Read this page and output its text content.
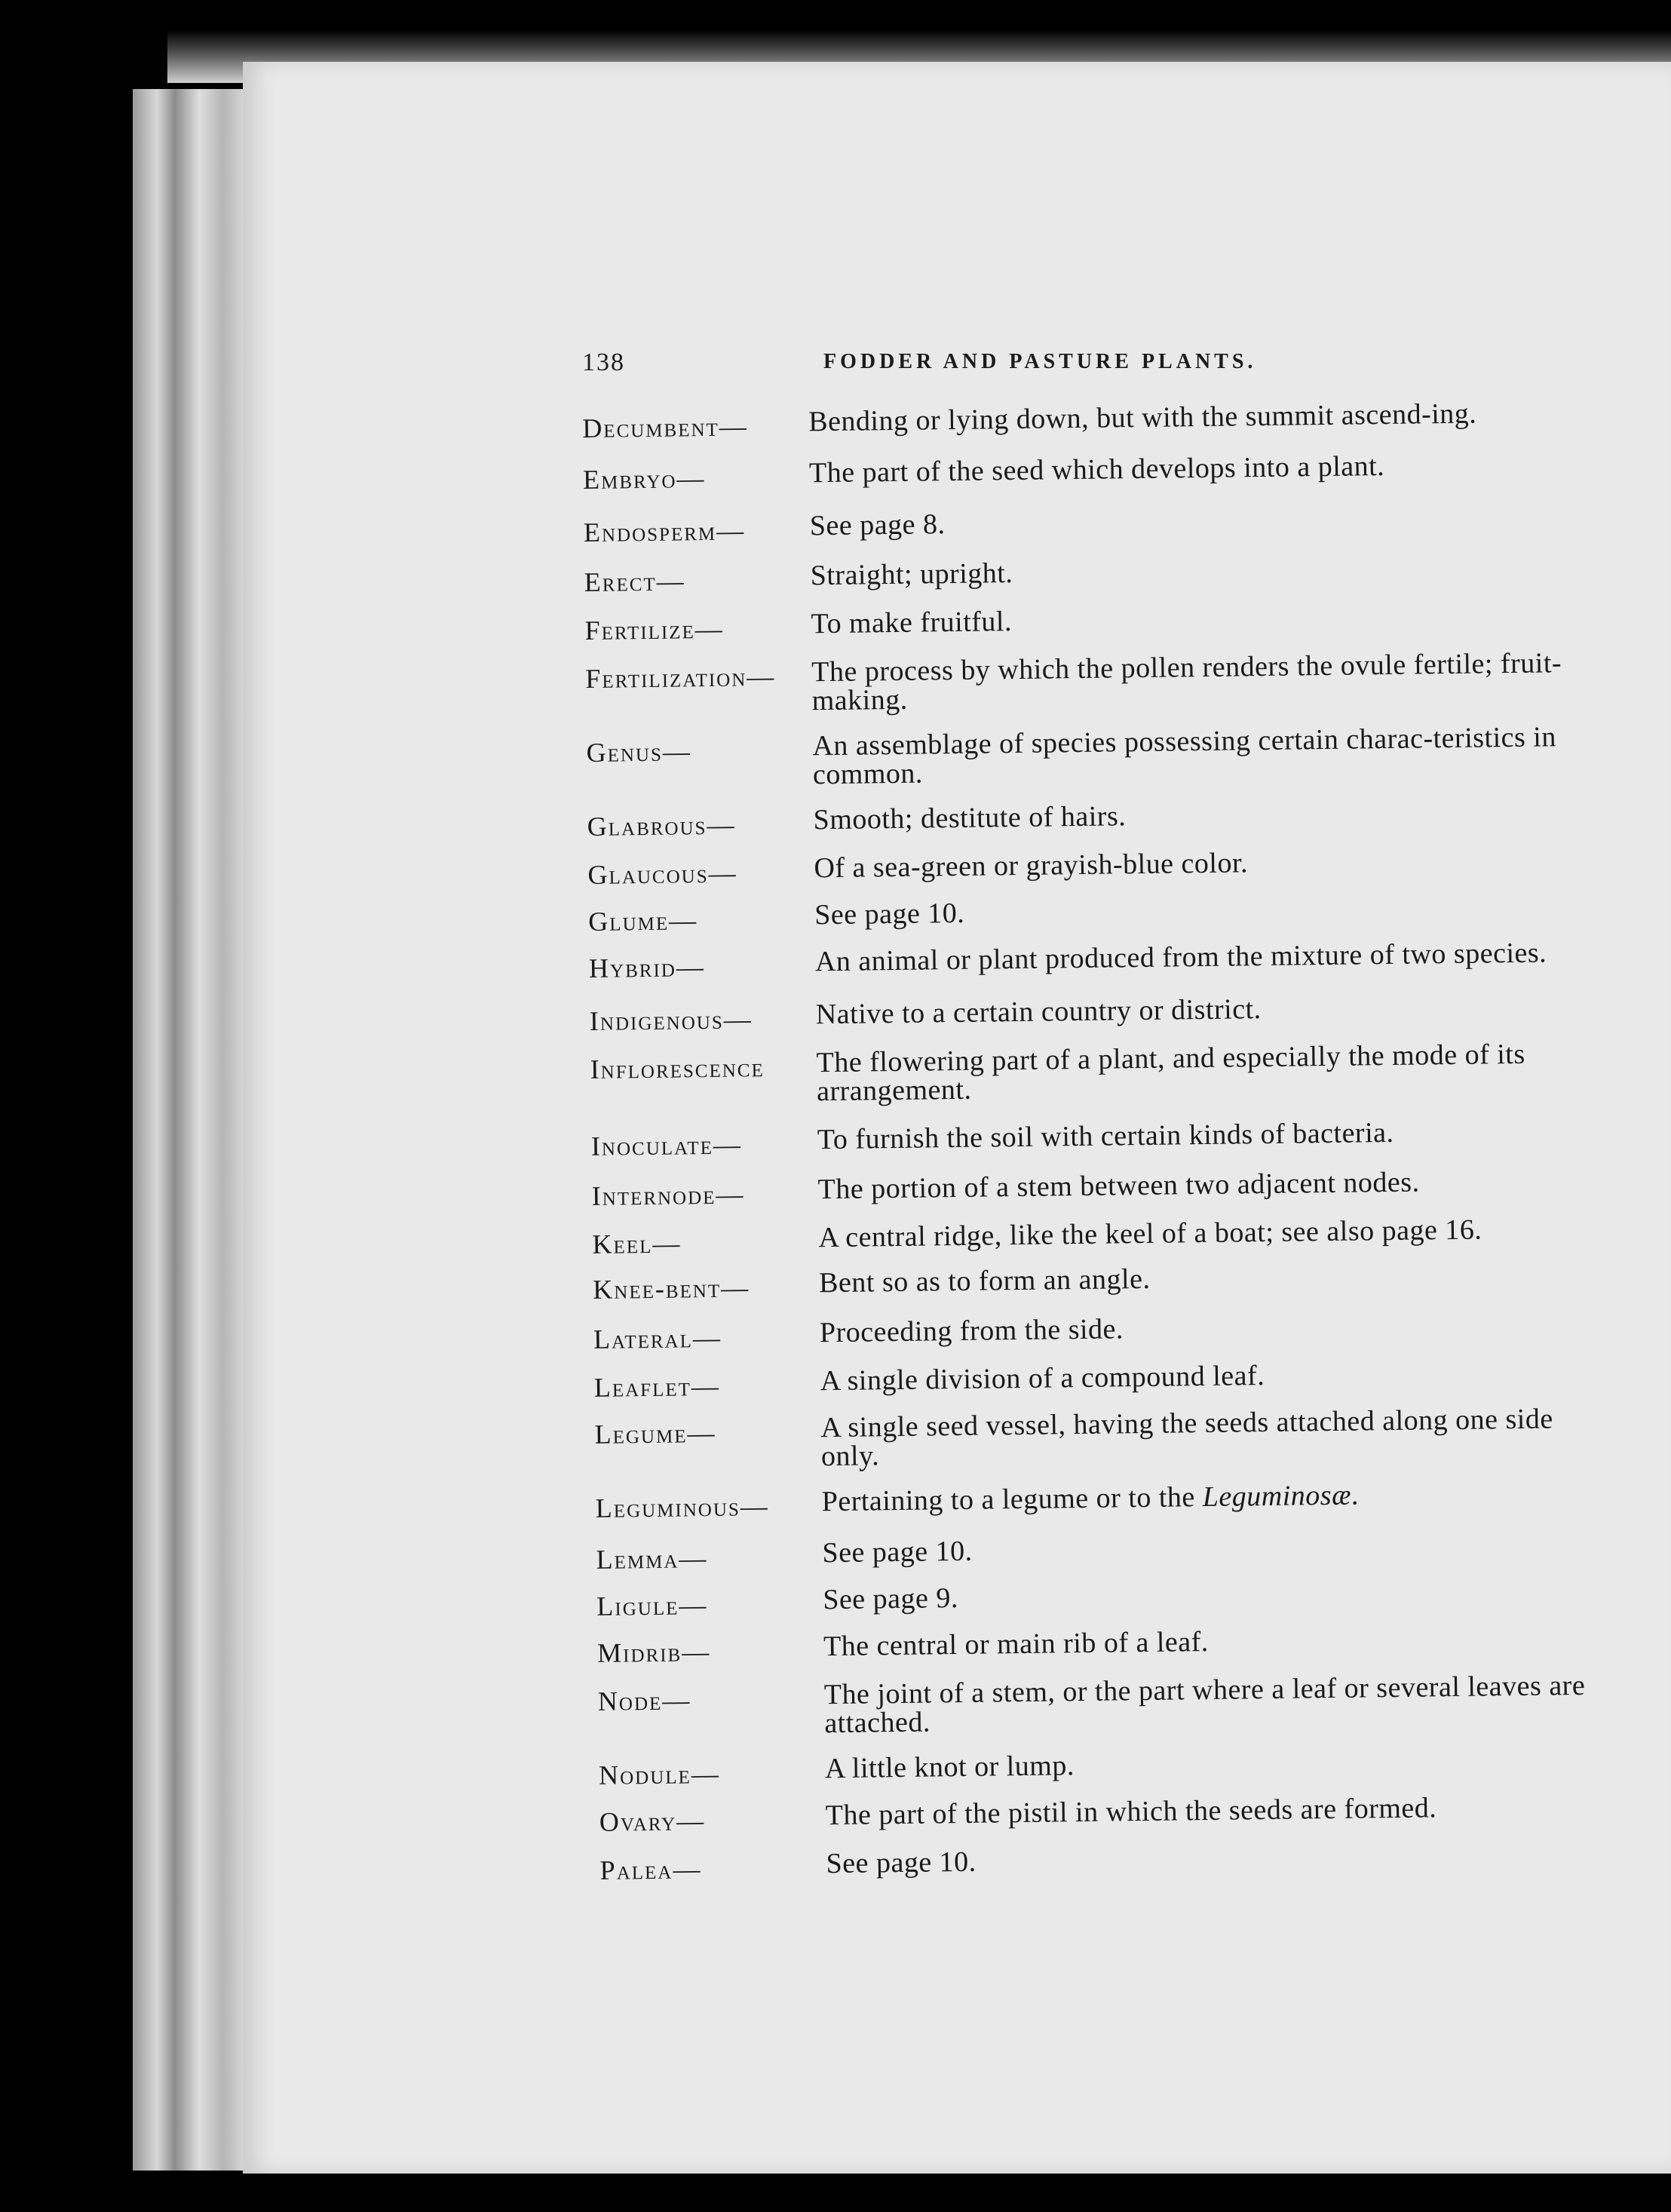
138	FODDER AND PASTURE PLANTS.
Decumbent—	Bending or lying down, but with the summit ascend-ing.
Embryo—	The part of the seed which develops into a plant.
Endosperm—	See page 8.
Erect—	Straight; upright.
Fertilize—	To make fruitful.
Fertilization—	The process by which the pollen renders the ovule fertile; fruit-making.
Genus—	An assemblage of species possessing certain charac-teristics in common.
Glabrous—	Smooth; destitute of hairs.
Glaucous—	Of a sea-green or grayish-blue color.
Glume—	See page 10.
Hybrid—	An animal or plant produced from the mixture of two species.
Indigenous—	Native to a certain country or district.
Inflorescence	The flowering part of a plant, and especially the mode of its arrangement.
Inoculate—	To furnish the soil with certain kinds of bacteria.
Internode—	The portion of a stem between two adjacent nodes.
Keel—	A central ridge, like the keel of a boat; see also page 16.
Knee-bent—	Bent so as to form an angle.
Lateral—	Proceeding from the side.
Leaflet—	A single division of a compound leaf.
Legume—	A single seed vessel, having the seeds attached along one side only.
Leguminous—	Pertaining to a legume or to the Leguminosæ.
Lemma—	See page 10.
Ligule—	See page 9.
Midrib—	The central or main rib of a leaf.
Node—	The joint of a stem, or the part where a leaf or several leaves are attached.
Nodule—	A little knot or lump.
Ovary—	The part of the pistil in which the seeds are formed.
Palea—	See page 10.
